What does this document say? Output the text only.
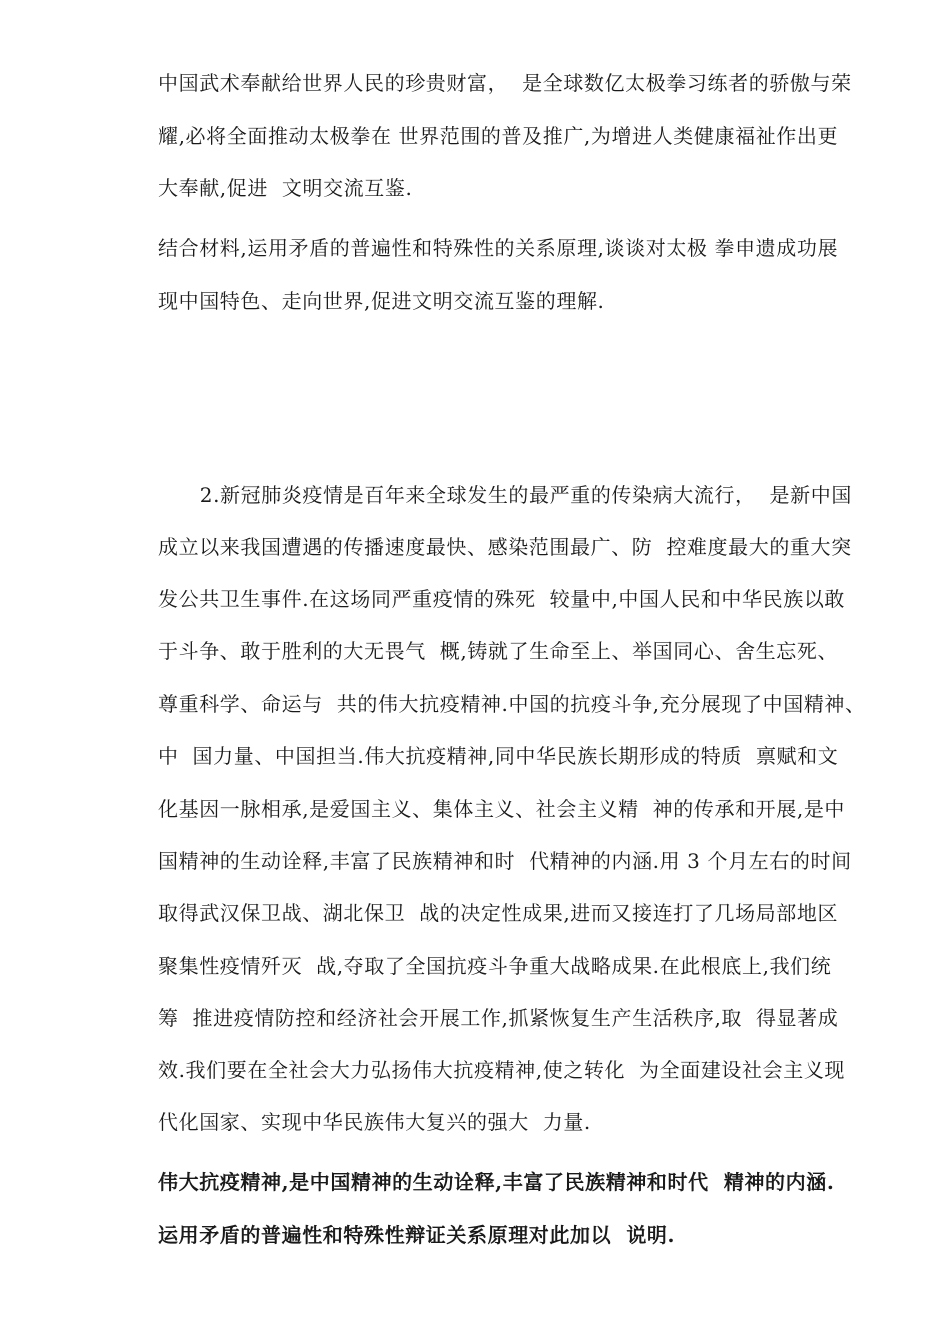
中国武术奉献给世界人民的珍贵财富，  是全球数亿太极拳习练者的骄傲与荣
耀,必将全面推动太极拳在 世界范围的普及推广,为增进人类健康福祉作出更
大奉献,促进  文明交流互鉴.
结合材料,运用矛盾的普遍性和特殊性的关系原理,谈谈对太极 拳申遗成功展
现中国特色、走向世界,促进文明交流互鉴的理解.
2.新冠肺炎疫情是百年来全球发生的最严重的传染病大流行，  是新中国
成立以来我国遭遇的传播速度最快、感染范围最广、防  控难度最大的重大突
发公共卫生事件.在这场同严重疫情的殊死  较量中,中国人民和中华民族以敢
于斗争、敢于胜利的大无畏气  概,铸就了生命至上、举国同心、舍生忘死、
尊重科学、命运与  共的伟大抗疫精神.中国的抗疫斗争,充分展现了中国精神、
中  国力量、中国担当.伟大抗疫精神,同中华民族长期形成的特质  禀赋和文
化基因一脉相承,是爱国主义、集体主义、社会主义精  神的传承和开展,是中
国精神的生动诠释,丰富了民族精神和时  代精神的内涵.用 3 个月左右的时间
取得武汉保卫战、湖北保卫  战的决定性成果,进而又接连打了几场局部地区
聚集性疫情歼灭  战,夺取了全国抗疫斗争重大战略成果.在此根底上,我们统
筹  推进疫情防控和经济社会开展工作,抓紧恢复生产生活秩序,取  得显著成
效.我们要在全社会大力弘扬伟大抗疫精神,使之转化  为全面建设社会主义现
代化国家、实现中华民族伟大复兴的强大  力量.
伟大抗疫精神,是中国精神的生动诠释,丰富了民族精神和时代  精神的内涵.
运用矛盾的普遍性和特殊性辩证关系原理对此加以  说明.
